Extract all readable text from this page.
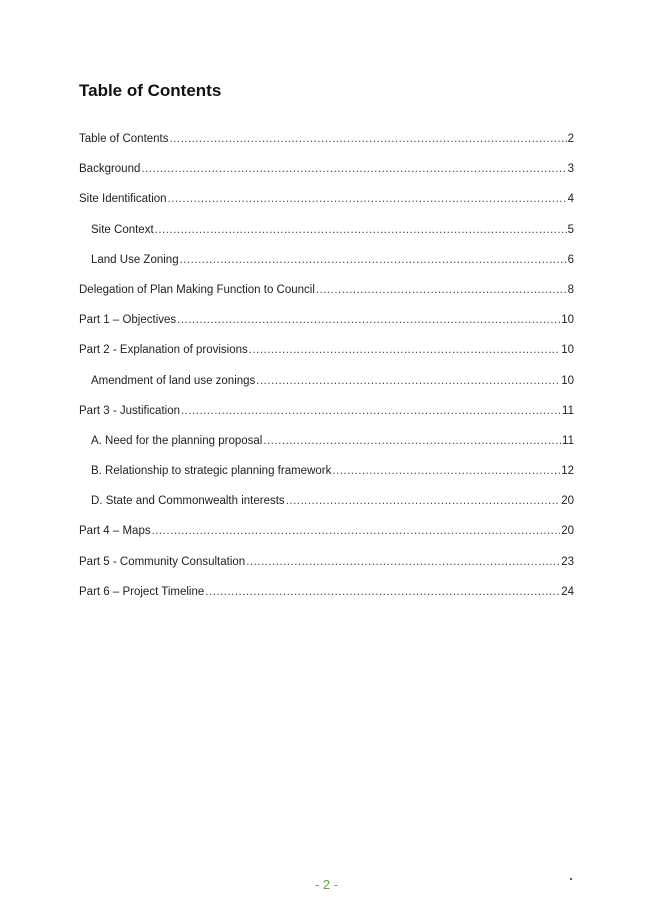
Table of Contents
Table of Contents .....	2
Background .....	3
Site Identification .....	4
Site Context .....	5
Land Use Zoning .....	6
Delegation of Plan Making Function to Council .....	8
Part 1 – Objectives .....	10
Part 2 - Explanation of provisions .....	10
Amendment of land use zonings .....	10
Part 3 - Justification .....	11
A. Need for the planning proposal .....	11
B. Relationship to strategic planning framework .....	12
D. State and Commonwealth interests .....	20
Part 4 – Maps .....	20
Part 5 - Community Consultation .....	23
Part 6 – Project Timeline .....	24
- 2 -
